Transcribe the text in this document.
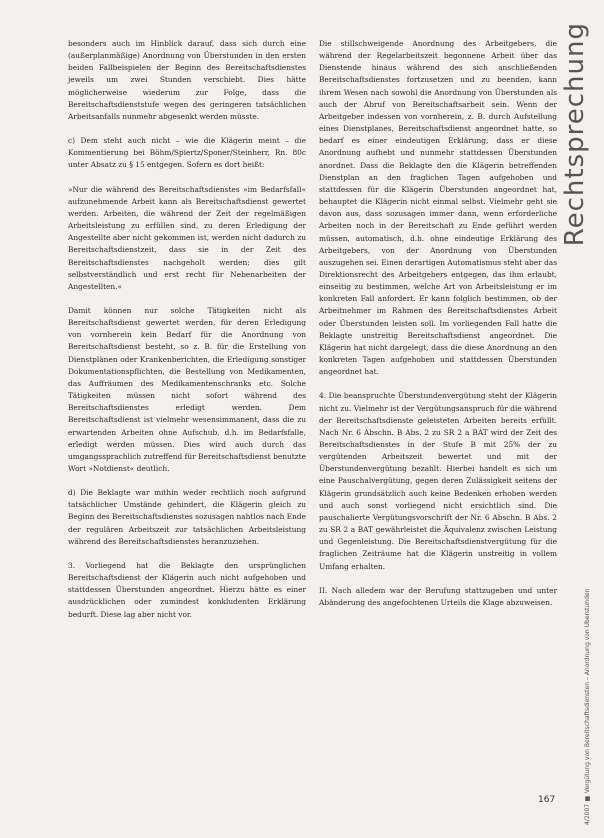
besonders auch im Hinblick darauf, dass sich durch eine (außerplanmäßige) Anordnung von Überstunden in den ersten beiden Fallbeispielen der Beginn des Bereitschaftsdienstes jeweils um zwei Stunden verschiebt. Dies hätte möglicherweise wiederum zur Folge, dass die Bereitschaftsdienststufe wegen des geringeren tatsächlichen Arbeitsanfalls nunmehr abgesenkt werden müsste.

c) Dem steht auch nicht – wie die Klägerin meint – die Kommentierung bei Böhm/Spiertz/Sponer/Steinherr, Rn. 80c unter Absatz zu § 15 entgegen. Sofern es dort heißt:

»Nur die während des Bereitschaftsdienstes »im Bedarfsfall« aufzunehmende Arbeit kann als Bereitschaftsdienst gewertet werden. Arbeiten, die während der Zeit der regelmäßigen Arbeitsleistung zu erfüllen sind, zu deren Erledigung der Angestellte aber nicht gekommen ist, werden nicht dadurch zu Bereitschaftsdienstzeit, dass sie in der Zeit des Bereitschaftsdienstes nachgeholt werden; dies gilt selbstverständlich und erst recht für Nebenarbeiten der Angestellten.«

Damit können nur solche Tätigkeiten nicht als Bereitschaftsdienst gewertet werden, für deren Erledigung von vornherein kein Bedarf für die Anordnung von Bereitschaftsdienst besteht, so z. B. für die Erstellung von Dienstplänen oder Krankenberichten, die Erledigung sonstiger Dokumentationspflichten, die Bestellung von Medikamenten, das Auffräumen des Medikamentenschranks etc. Solche Tätigkeiten müssen nicht sofort während des Bereitschaftsdienstes erledigt werden. Dem Bereitschaftsdienst ist vielmehr wesensimmanent, dass die zu erwartenden Arbeiten ohne Aufschub, d.h. im Bedarfsfalle, erledigt werden müssen. Dies wird auch durch das umgangssprachlich zutreffend für Bereitschaftsdienst benutzte Wort »Notdienst« deutlich.

d) Die Beklagte war mithin weder rechtlich noch aufgrund tatsächlicher Umstände gehindert, die Klägerin gleich zu Beginn des Bereitschaftsdienstes sozusagen nahtlos nach Ende der regulären Arbeitszeit zur tatsächlichen Arbeitsleistung während des Bereitschaftsdienstes heranzuziehen.

3. Vorliegend hat die Beklagte den ursprünglichen Bereitschaftsdienst der Klägerin auch nicht aufgehoben und stattdessen Überstunden angeordnet. Hierzu hätte es einer ausdrücklichen oder zumindest konkludenten Erklärung bedurft. Diese lag aber nicht vor.

Die stillschweigende Anordnung des Arbeitgebers, die während der Regelarbeitszeit begonnene Arbeit über das Dienstende hinaus während des sich anschließenden Bereitschaftsdienstes fortzusetzen und zu beenden, kann ihrem Wesen nach sowohl die Anordnung von Überstunden als auch der Abruf von Bereitschaftsarbeit sein. Wenn der Arbeitgeber indessen von vornherein, z. B. durch Aufstellung eines Dienstplanes, Bereitschaftsdienst angeordnet hatte, so bedarf es einer eindeutigen Erklärung, dass er diese Anordnung aufhebt und nunmehr stattdessen Überstunden anordnet. Dass die Beklagte den die Klägerin betreffenden Dienstplan an den fraglichen Tagen aufgehoben und stattdessen für die Klägerin Überstunden angeordnet hat, behauptet die Klägerin nicht einmal selbst. Vielmehr geht sie davon aus, dass sozusagen immer dann, wenn erforderliche Arbeiten noch in der Bereitschaft zu Ende geführt werden müssen, automatisch, d.h. ohne eindeutige Erklärung des Arbeitgebers, von der Anordnung von Überstunden auszugehen sei. Einen derartigen Automatismus steht aber das Direktionsrecht des Arbeitgebers entgegen, das ihm erlaubt, einseitig zu bestimmen, welche Art von Arbeitsleistung er im konkreten Fall anfordert. Er kann folglich bestimmen, ob der Arbeitnehmer im Rahmen des Bereitschaftsdienstes Arbeit oder Überstunden leisten soll. Im vorliegenden Fall hatte die Beklagte unstreitig Bereitschaftsdienst angeordnet. Die Klägerin hat nicht dargelegt, dass die diese Anordnung an den konkreten Tagen aufgehoben und stattdessen Überstunden angeordnet hat.

4. Die beanspruchte Überstundenvergütung steht der Klägerin nicht zu. Vielmehr ist der Vergütungsanspruch für die während der Bereitschaftsdienste geleisteten Arbeiten bereits erfüllt. Nach Nr. 6 Abschn. B Abs. 2 zu SR 2 a BAT wird der Zeit des Bereitschaftsdienstes in der Stufe B mit 25% der zu vergütenden Arbeitszeit bewertet und mit der Überstundenvergütung bezahlt. Hierbei handelt es sich um eine Pauschalvergütung, gegen deren Zulässigkeit seitens der Klägerin grundsätzlich auch keine Bedenken erhoben werden und auch sonst vorliegend nicht ersichtlich sind. Die pauschalierte Vergütungsvorschrift der Nr. 6 Abschn. B Abs. 2 zu SR 2 a BAT gewährleistet die Äquivalenz zwischen Leistung und Gegenleistung. Die Bereitschaftsdienstvergütung für die fraglichen Zeiträume hat die Klägerin unstreitig in vollem Umfang erhalten.

II. Nach alledem war der Berufung stattzugeben und unter Abänderung des angefochtenen Urteils die Klage abzuweisen.

Rechtsprechung
4/2007 ■ Vergütung von Bereitschaftsdiensten – Anordnung von Überstunden
167
